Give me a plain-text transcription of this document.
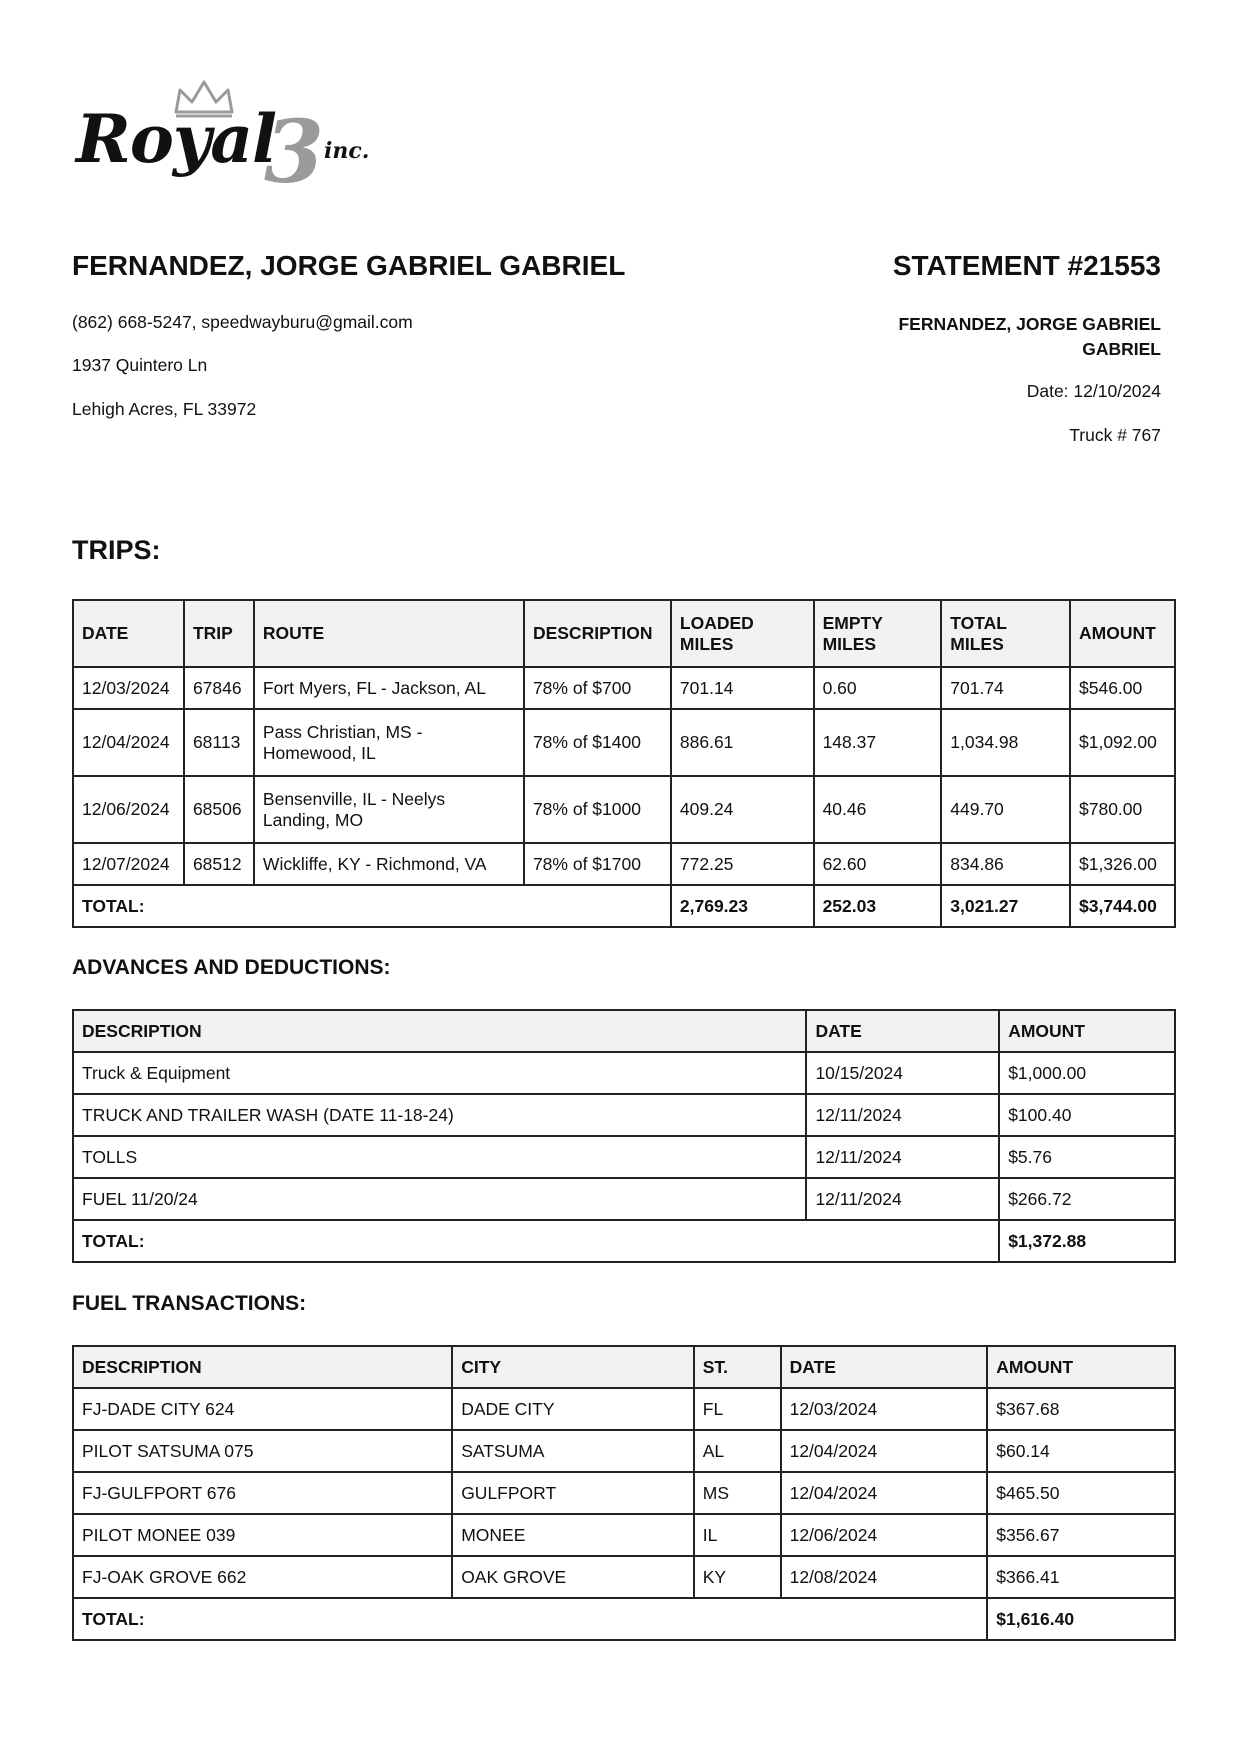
Royal
3 inc.
FERNANDEZ, JORGE GABRIEL GABRIEL
(862) 668-5247, speedwayburu@gmail.com
1937 Quintero Ln
Lehigh Acres, FL 33972
STATEMENT #21553
FERNANDEZ, JORGE GABRIEL GABRIEL
Date: 12/10/2024
Truck # 767
TRIPS:
DATE	TRIP	ROUTE	DESCRIPTION	LOADED MILES	EMPTY MILES	TOTAL MILES	AMOUNT
12/03/2024	67846	Fort Myers, FL - Jackson, AL	78% of $700	701.14	0.60	701.74	$546.00
12/04/2024	68113	Pass Christian, MS - Homewood, IL	78% of $1400	886.61	148.37	1,034.98	$1,092.00
12/06/2024	68506	Bensenville, IL - Neelys Landing, MO	78% of $1000	409.24	40.46	449.70	$780.00
12/07/2024	68512	Wickliffe, KY - Richmond, VA	78% of $1700	772.25	62.60	834.86	$1,326.00
TOTAL:				2,769.23	252.03	3,021.27	$3,744.00
ADVANCES AND DEDUCTIONS:
DESCRIPTION	DATE	AMOUNT
Truck & Equipment	10/15/2024	$1,000.00
TRUCK AND TRAILER WASH (DATE 11-18-24)	12/11/2024	$100.40
TOLLS	12/11/2024	$5.76
FUEL 11/20/24	12/11/2024	$266.72
TOTAL:		$1,372.88
FUEL TRANSACTIONS:
DESCRIPTION	CITY	ST.	DATE	AMOUNT
FJ-DADE CITY 624	DADE CITY	FL	12/03/2024	$367.68
PILOT SATSUMA 075	SATSUMA	AL	12/04/2024	$60.14
FJ-GULFPORT 676	GULFPORT	MS	12/04/2024	$465.50
PILOT MONEE 039	MONEE	IL	12/06/2024	$356.67
FJ-OAK GROVE 662	OAK GROVE	KY	12/08/2024	$366.41
TOTAL:				$1,616.40
